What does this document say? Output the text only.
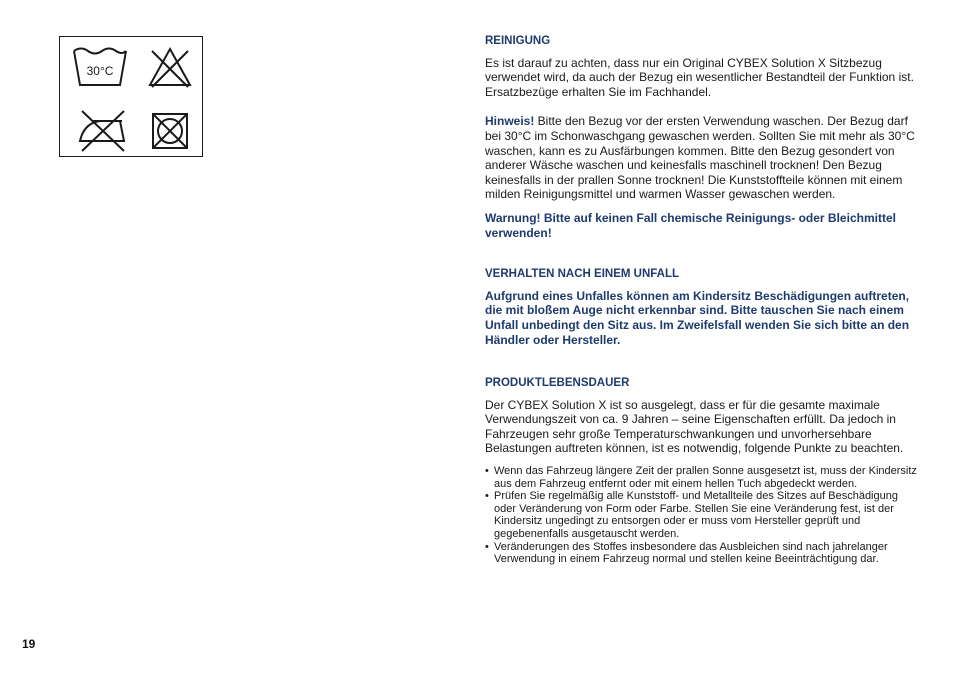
30°C
19

REINIGUNG

Es ist darauf zu achten, dass nur ein Original CYBEX Solution X Sitzbezug verwendet wird, da auch der Bezug ein wesentlicher Bestandteil der Funktion ist. Ersatzbezüge erhalten Sie im Fachhandel.

Hinweis! Bitte den Bezug vor der ersten Verwendung waschen. Der Bezug darf bei 30°C im Schonwaschgang gewaschen werden. Sollten Sie mit mehr als 30°C waschen, kann es zu Ausfärbungen kommen. Bitte den Bezug gesondert von anderer Wäsche waschen und keinesfalls maschinell trocknen! Den Bezug keinesfalls in der prallen Sonne trocknen! Die Kunststoffteile können mit einem milden Reinigungsmittel und warmen Wasser gewaschen werden.

Warnung! Bitte auf keinen Fall chemische Reinigungs- oder Bleichmittel verwenden!

VERHALTEN NACH EINEM UNFALL

Aufgrund eines Unfalles können am Kindersitz Beschädigungen auftreten, die mit bloßem Auge nicht erkennbar sind. Bitte tauschen Sie nach einem Unfall unbedingt den Sitz aus. Im Zweifelsfall wenden Sie sich bitte an den Händler oder Hersteller.

PRODUKTLEBENSDAUER

Der CYBEX Solution X ist so ausgelegt, dass er für die gesamte maximale Verwendungszeit von ca. 9 Jahren – seine Eigenschaften erfüllt. Da jedoch in Fahrzeugen sehr große Temperaturschwankungen und unvorhersehbare Belastungen auftreten können, ist es notwendig, folgende Punkte zu beachten.

• Wenn das Fahrzeug längere Zeit der prallen Sonne ausgesetzt ist, muss der Kindersitz aus dem Fahrzeug entfernt oder mit einem hellen Tuch abgedeckt werden.
• Prüfen Sie regelmäßig alle Kunststoff- und Metallteile des Sitzes auf Beschädigung oder Veränderung von Form oder Farbe. Stellen Sie eine Veränderung fest, ist der Kindersitz ungedingt zu entsorgen oder er muss vom Hersteller geprüft und gegebenenfalls ausgetauscht werden.
• Veränderungen des Stoffes insbesondere das Ausbleichen sind nach jahrelanger Verwendung in einem Fahrzeug normal und stellen keine Beeinträchtigung dar.
